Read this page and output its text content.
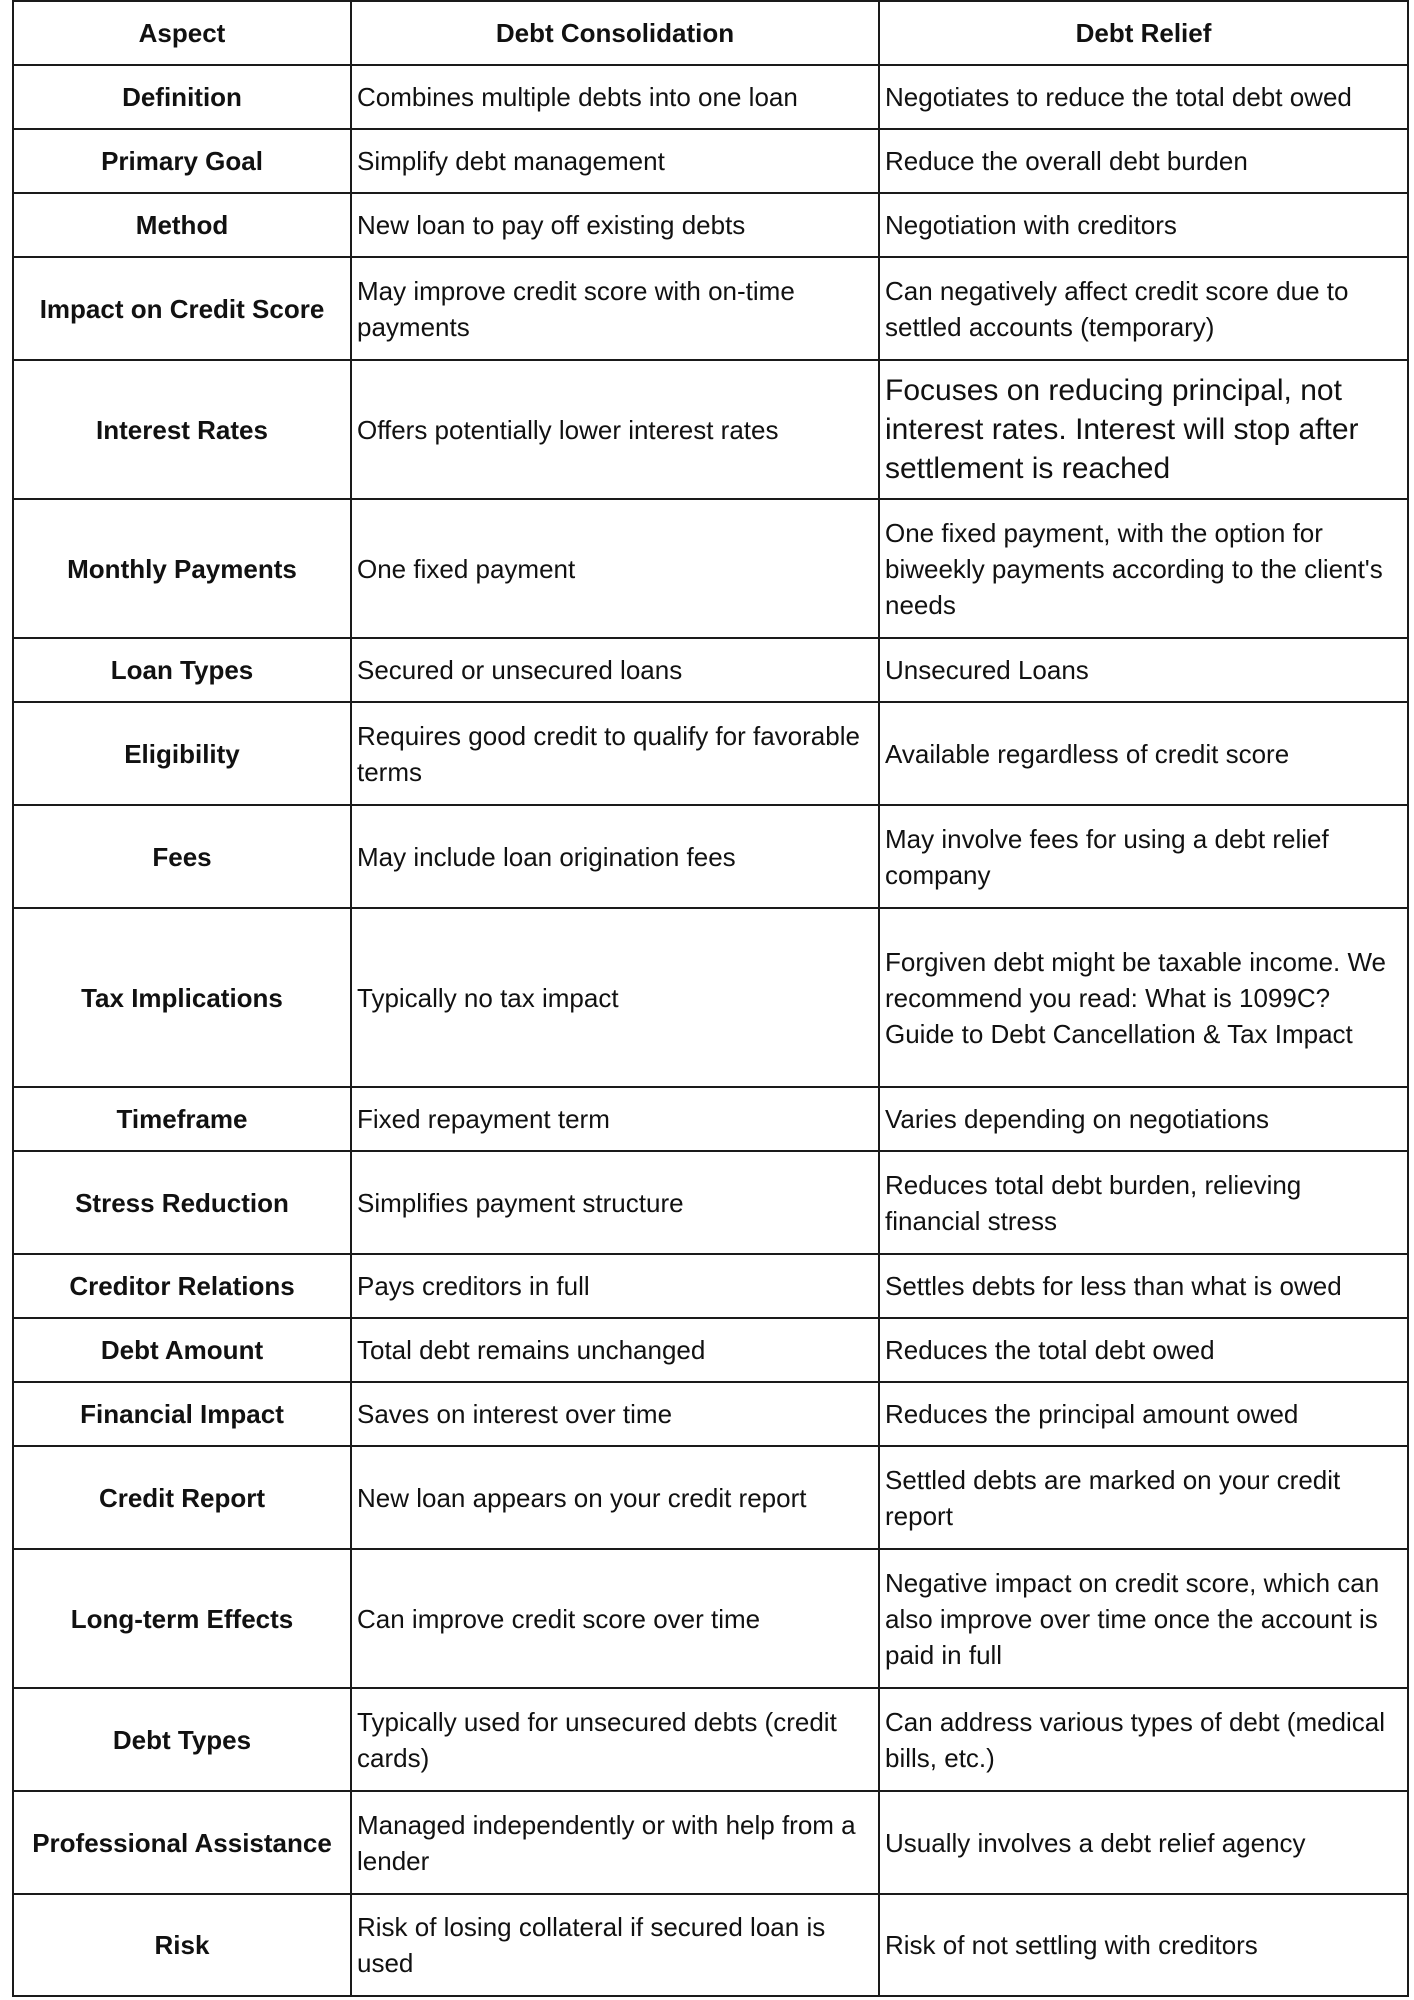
Aspect	Debt Consolidation	Debt Relief
Definition	Combines multiple debts into one loan	Negotiates to reduce the total debt owed
Primary Goal	Simplify debt management	Reduce the overall debt burden
Method	New loan to pay off existing debts	Negotiation with creditors
Impact on Credit Score	May improve credit score with on-time payments	Can negatively affect credit score due to settled accounts (temporary)
Interest Rates	Offers potentially lower interest rates	Focuses on reducing principal, not interest rates. Interest will stop after settlement is reached
Monthly Payments	One fixed payment	One fixed payment, with the option for biweekly payments according to the client's needs
Loan Types	Secured or unsecured loans	Unsecured Loans
Eligibility	Requires good credit to qualify for favorable terms	Available regardless of credit score
Fees	May include loan origination fees	May involve fees for using a debt relief company
Tax Implications	Typically no tax impact	Forgiven debt might be taxable income. We recommend you read: What is 1099C? Guide to Debt Cancellation & Tax Impact
Timeframe	Fixed repayment term	Varies depending on negotiations
Stress Reduction	Simplifies payment structure	Reduces total debt burden, relieving financial stress
Creditor Relations	Pays creditors in full	Settles debts for less than what is owed
Debt Amount	Total debt remains unchanged	Reduces the total debt owed
Financial Impact	Saves on interest over time	Reduces the principal amount owed
Credit Report	New loan appears on your credit report	Settled debts are marked on your credit report
Long-term Effects	Can improve credit score over time	Negative impact on credit score, which can also improve over time once the account is paid in full
Debt Types	Typically used for unsecured debts (credit cards)	Can address various types of debt (medical bills, etc.)
Professional Assistance	Managed independently or with help from a lender	Usually involves a debt relief agency
Risk	Risk of losing collateral if secured loan is used	Risk of not settling with creditors
